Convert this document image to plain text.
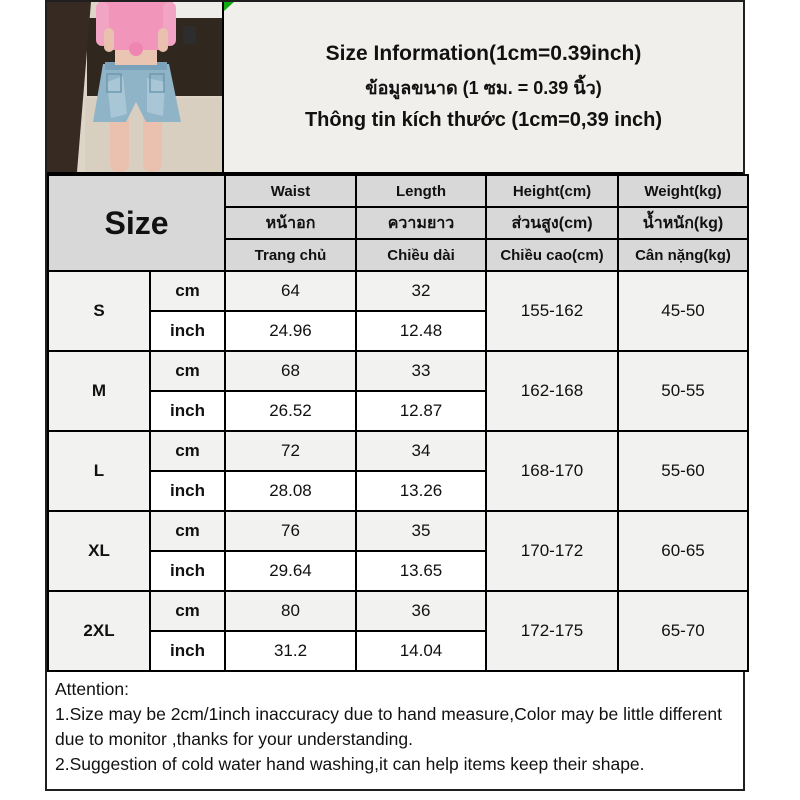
Size Information(1cm=0.39inch)
ข้อมูลขนาด (1 ซม. = 0.39 นิ้ว)
Thông tin kích thước (1cm=0,39 inch)
Size		Waist	Length	Height(cm)	Weight(kg)
		หน้าอก	ความยาว	ส่วนสูง(cm)	น้ำหนัก(kg)
		Trang chủ	Chiều dài	Chiều cao(cm)	Cân nặng(kg)
S	cm	64	32	155-162	45-50
	inch	24.96	12.48		
M	cm	68	33	162-168	50-55
	inch	26.52	12.87		
L	cm	72	34	168-170	55-60
	inch	28.08	13.26		
XL	cm	76	35	170-172	60-65
	inch	29.64	13.65		
2XL	cm	80	36	172-175	65-70
	inch	31.2	14.04		

Attention:

1.Size may be 2cm/1inch inaccuracy due to hand measure,Color may be little different due to monitor ,thanks for your understanding.

2.Suggestion of cold water hand washing,it can help items keep their shape.
